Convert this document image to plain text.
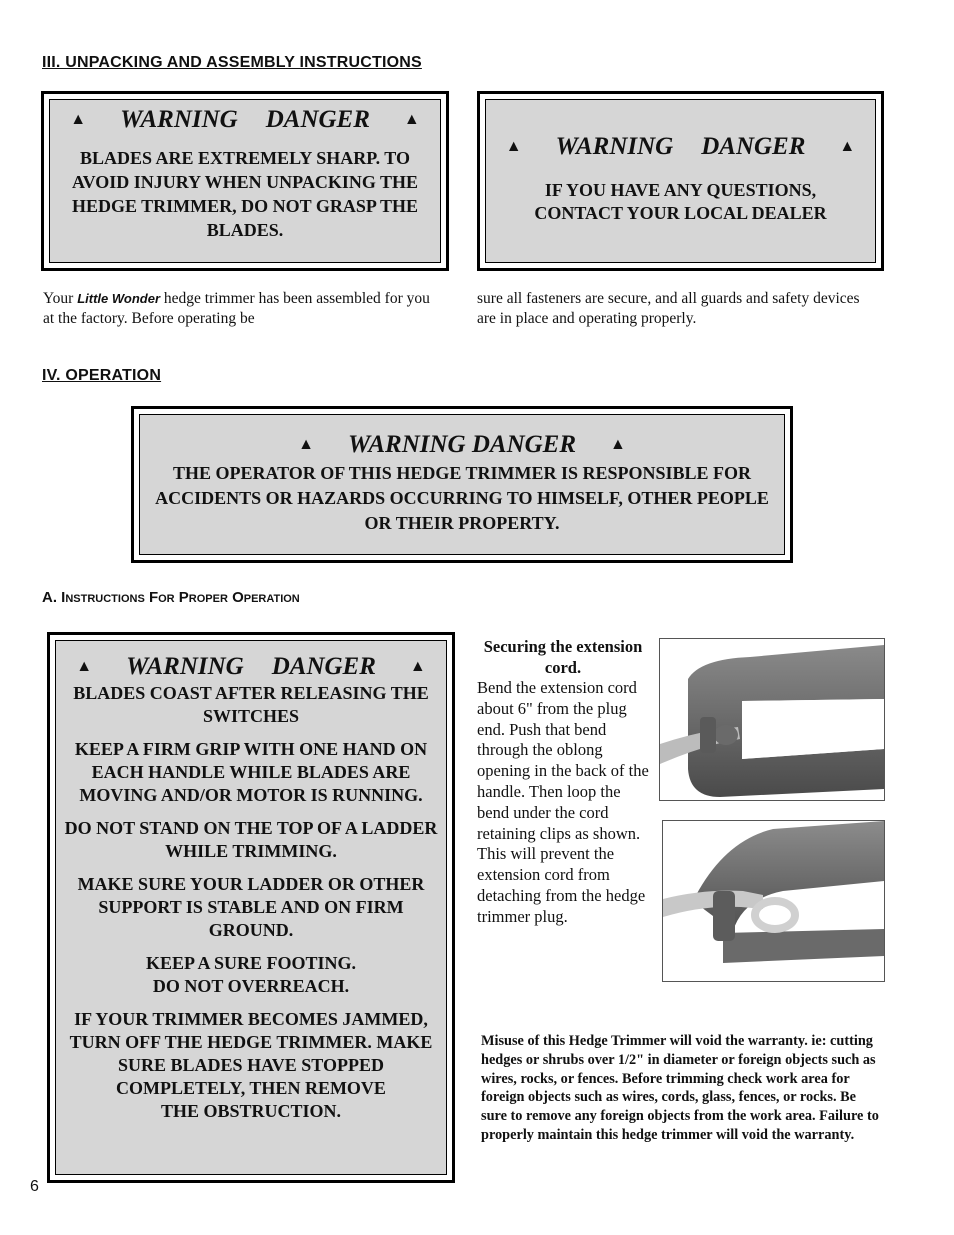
III. UNPACKING AND ASSEMBLY INSTRUCTIONS
▲ WARNING DANGER ▲
BLADES ARE EXTREMELY SHARP. TO AVOID INJURY WHEN UNPACKING THE HEDGE TRIMMER, DO NOT GRASP THE BLADES.
▲ WARNING DANGER ▲
IF YOU HAVE ANY QUESTIONS,
CONTACT YOUR LOCAL DEALER
Your Little Wonder hedge trimmer has been assembled for you at the factory. Before operating be
sure all fasteners are secure, and all guards and safety devices are in place and operating properly.
IV. OPERATION
▲ WARNING DANGER ▲
THE OPERATOR OF THIS HEDGE TRIMMER IS RESPONSIBLE FOR ACCIDENTS OR HAZARDS OCCURRING TO HIMSELF, OTHER PEOPLE OR THEIR PROPERTY.
A. Instructions For Proper Operation
▲ WARNING DANGER ▲

BLADES COAST AFTER RELEASING THE SWITCHES

KEEP A FIRM GRIP WITH ONE HAND ON EACH HANDLE WHILE BLADES ARE MOVING AND/OR MOTOR IS RUNNING.

DO NOT STAND ON THE TOP OF A LADDER WHILE TRIMMING.

MAKE SURE YOUR LADDER OR OTHER SUPPORT IS STABLE AND ON FIRM GROUND.

KEEP A SURE FOOTING.

DO NOT OVERREACH.

IF YOUR TRIMMER BECOMES JAMMED, TURN OFF THE HEDGE TRIMMER. MAKE SURE BLADES HAVE STOPPED COMPLETELY, THEN REMOVE

THE OBSTRUCTION.

Securing the extension cord.
Bend the extension cord about 6" from the plug end. Push that bend through the oblong opening in the back of the handle. Then loop the bend under the cord retaining clips as shown. This will prevent the extension cord from detaching from the hedge trimmer plug.
Misuse of this Hedge Trimmer will void the warranty. ie: cutting hedges or shrubs over 1/2" in diameter or foreign objects such as wires, rocks, or fences. Before trimming check work area for foreign objects such as wires, cords, glass, fences, or rocks. Be sure to remove any foreign objects from the work area. Failure to properly maintain this hedge trimmer will void the warranty.
6
